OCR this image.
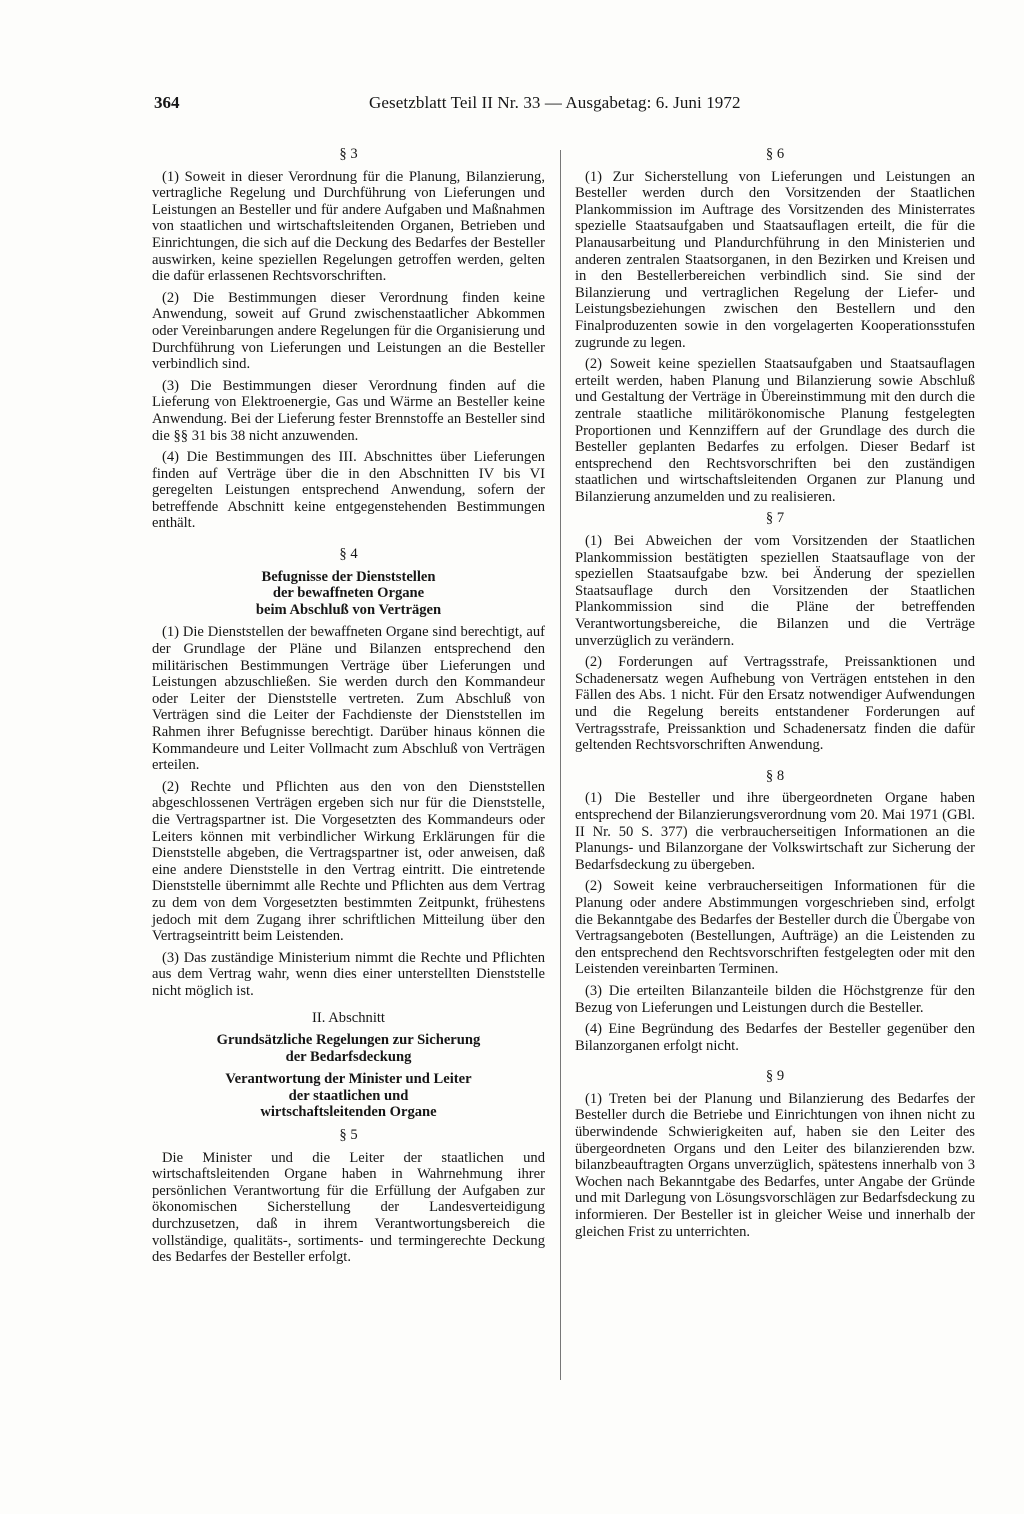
364	Gesetzblatt Teil II Nr. 33 — Ausgabetag: 6. Juni 1972

§ 3

(1) Soweit in dieser Verordnung für die Planung, Bilanzierung, vertragliche Regelung und Durchführung von Lieferungen und Leistungen an Besteller und für andere Aufgaben und Maßnahmen von staatlichen und wirtschaftsleitenden Organen, Betrieben und Einrichtungen, die sich auf die Deckung des Bedarfes der Besteller auswirken, keine speziellen Regelungen getroffen werden, gelten die dafür erlassenen Rechtsvorschriften.

(2) Die Bestimmungen dieser Verordnung finden keine Anwendung, soweit auf Grund zwischenstaatlicher Abkommen oder Vereinbarungen andere Regelungen für die Organisierung und Durchführung von Lieferungen und Leistungen an die Besteller verbindlich sind.

(3) Die Bestimmungen dieser Verordnung finden auf die Lieferung von Elektroenergie, Gas und Wärme an Besteller keine Anwendung. Bei der Lieferung fester Brennstoffe an Besteller sind die §§ 31 bis 38 nicht anzuwenden.

(4) Die Bestimmungen des III. Abschnittes über Lieferungen finden auf Verträge über die in den Abschnitten IV bis VI geregelten Leistungen entsprechend Anwendung, sofern der betreffende Abschnitt keine entgegenstehenden Bestimmungen enthält.

§ 4

Befugnisse der Dienststellen
der bewaffneten Organe
beim Abschluß von Verträgen

(1) Die Dienststellen der bewaffneten Organe sind berechtigt, auf der Grundlage der Pläne und Bilanzen entsprechend den militärischen Bestimmungen Verträge über Lieferungen und Leistungen abzuschließen. Sie werden durch den Kommandeur oder Leiter der Dienststelle vertreten. Zum Abschluß von Verträgen sind die Leiter der Fachdienste der Dienststellen im Rahmen ihrer Befugnisse berechtigt. Darüber hinaus können die Kommandeure und Leiter Vollmacht zum Abschluß von Verträgen erteilen.

(2) Rechte und Pflichten aus den von den Dienststellen abgeschlossenen Verträgen ergeben sich nur für die Dienststelle, die Vertragspartner ist. Die Vorgesetzten des Kommandeurs oder Leiters können mit verbindlicher Wirkung Erklärungen für die Dienststelle abgeben, die Vertragspartner ist, oder anweisen, daß eine andere Dienststelle in den Vertrag eintritt. Die eintretende Dienststelle übernimmt alle Rechte und Pflichten aus dem Vertrag zu dem von dem Vorgesetzten bestimmten Zeitpunkt, frühestens jedoch mit dem Zugang ihrer schriftlichen Mitteilung über den Vertragseintritt beim Leistenden.

(3) Das zuständige Ministerium nimmt die Rechte und Pflichten aus dem Vertrag wahr, wenn dies einer unterstellten Dienststelle nicht möglich ist.

II. Abschnitt

Grundsätzliche Regelungen zur Sicherung
der Bedarfsdeckung
Verantwortung der Minister und Leiter
der staatlichen und
wirtschaftsleitenden Organe

§ 5

Die Minister und die Leiter der staatlichen und wirtschaftsleitenden Organe haben in Wahrnehmung ihrer persönlichen Verantwortung für die Erfüllung der Aufgaben zur ökonomischen Sicherstellung der Landesverteidigung durchzusetzen, daß in ihrem Verantwortungsbereich die vollständige, qualitäts-, sortiments- und termingerechte Deckung des Bedarfes der Besteller erfolgt.

§ 6

(1) Zur Sicherstellung von Lieferungen und Leistungen an Besteller werden durch den Vorsitzenden der Staatlichen Plankommission im Auftrage des Vorsitzenden des Ministerrates spezielle Staatsaufgaben und Staatsauflagen erteilt, die für die Planausarbeitung und Plandurchführung in den Ministerien und anderen zentralen Staatsorganen, in den Bezirken und Kreisen und in den Bestellerbereichen verbindlich sind. Sie sind der Bilanzierung und vertraglichen Regelung der Liefer- und Leistungsbeziehungen zwischen den Bestellern und den Finalproduzenten sowie in den vorgelagerten Kooperationsstufen zugrunde zu legen.

(2) Soweit keine speziellen Staatsaufgaben und Staatsauflagen erteilt werden, haben Planung und Bilanzierung sowie Abschluß und Gestaltung der Verträge in Übereinstimmung mit den durch die zentrale staatliche militärökonomische Planung festgelegten Proportionen und Kennziffern auf der Grundlage des durch die Besteller geplanten Bedarfes zu erfolgen. Dieser Bedarf ist entsprechend den Rechtsvorschriften bei den zuständigen staatlichen und wirtschaftsleitenden Organen zur Planung und Bilanzierung anzumelden und zu realisieren.

§ 7

(1) Bei Abweichen der vom Vorsitzenden der Staatlichen Plankommission bestätigten speziellen Staatsauflage von der speziellen Staatsaufgabe bzw. bei Änderung der speziellen Staatsauflage durch den Vorsitzenden der Staatlichen Plankommission sind die Pläne der betreffenden Verantwortungsbereiche, die Bilanzen und die Verträge unverzüglich zu verändern.

(2) Forderungen auf Vertragsstrafe, Preissanktionen und Schadenersatz wegen Aufhebung von Verträgen entstehen in den Fällen des Abs. 1 nicht. Für den Ersatz notwendiger Aufwendungen und die Regelung bereits entstandener Forderungen auf Vertragsstrafe, Preissanktion und Schadenersatz finden die dafür geltenden Rechtsvorschriften Anwendung.

§ 8

(1) Die Besteller und ihre übergeordneten Organe haben entsprechend der Bilanzierungsverordnung vom 20. Mai 1971 (GBl. II Nr. 50 S. 377) die verbraucherseitigen Informationen an die Planungs- und Bilanzorgane der Volkswirtschaft zur Sicherung der Bedarfsdeckung zu übergeben.

(2) Soweit keine verbraucherseitigen Informationen für die Planung oder andere Abstimmungen vorgeschrieben sind, erfolgt die Bekanntgabe des Bedarfes der Besteller durch die Übergabe von Vertragsangeboten (Bestellungen, Aufträge) an die Leistenden zu den entsprechend den Rechtsvorschriften festgelegten oder mit den Leistenden vereinbarten Terminen.

(3) Die erteilten Bilanzanteile bilden die Höchstgrenze für den Bezug von Lieferungen und Leistungen durch die Besteller.

(4) Eine Begründung des Bedarfes der Besteller gegenüber den Bilanzorganen erfolgt nicht.

§ 9

(1) Treten bei der Planung und Bilanzierung des Bedarfes der Besteller durch die Betriebe und Einrichtungen von ihnen nicht zu überwindende Schwierigkeiten auf, haben sie den Leiter des übergeordneten Organs und den Leiter des bilanzierenden bzw. bilanzbeauftragten Organs unverzüglich, spätestens innerhalb von 3 Wochen nach Bekanntgabe des Bedarfes, unter Angabe der Gründe und mit Darlegung von Lösungsvorschlägen zur Bedarfsdeckung zu informieren. Der Besteller ist in gleicher Weise und innerhalb der gleichen Frist zu unterrichten.
